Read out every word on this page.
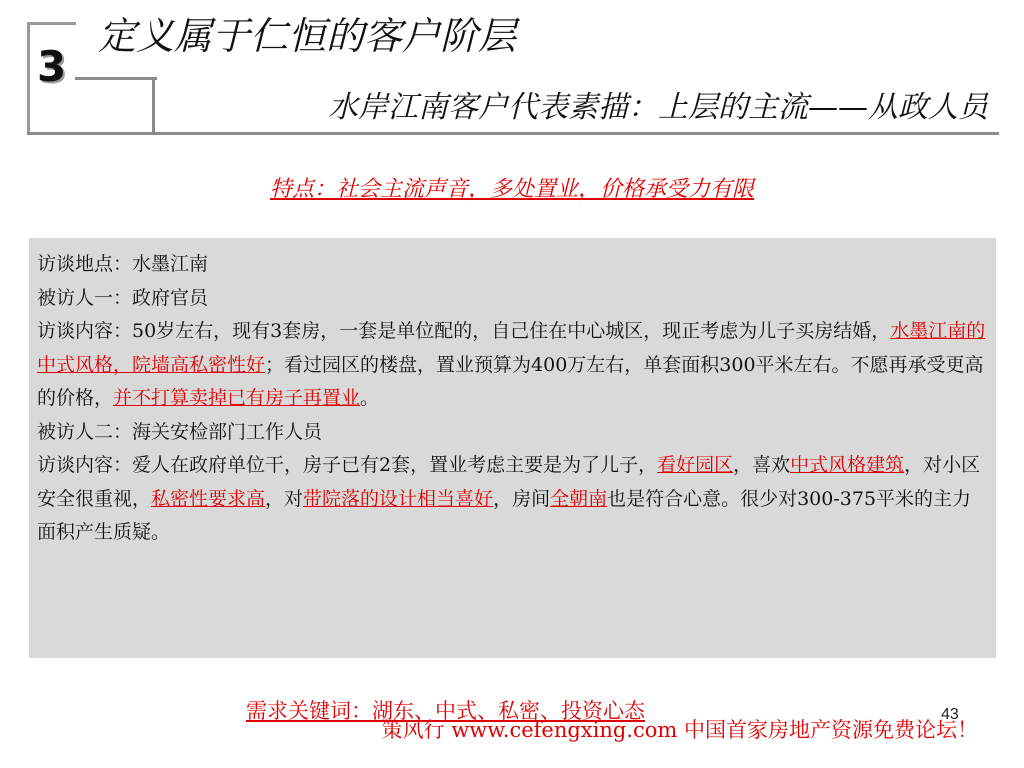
3
定义属于仁恒的客户阶层
水岸江南客户代表素描：上层的主流——从政人员
特点：社会主流声音，多处置业，价格承受力有限

访谈地点：水墨江南

被访人一：政府官员

访谈内容：50岁左右，现有3套房，一套是单位配的，自己住在中心城区，现正考虑为儿子买房结婚，水墨江南的中式风格，院墙高私密性好；看过园区的楼盘，置业预算为400万左右，单套面积300平米左右。不愿再承受更高的价格，并不打算卖掉已有房子再置业。

被访人二：海关安检部门工作人员

访谈内容：爱人在政府单位干，房子已有2套，置业考虑主要是为了儿子，看好园区，喜欢中式风格建筑，对小区安全很重视，私密性要求高，对带院落的设计相当喜好，房间全朝南也是符合心意。很少对300-375平米的主力面积产生质疑。

需求关键词：湖东、中式、私密、投资心态	43
策风行 www.cefengxing.com 中国首家房地产资源免费论坛！
